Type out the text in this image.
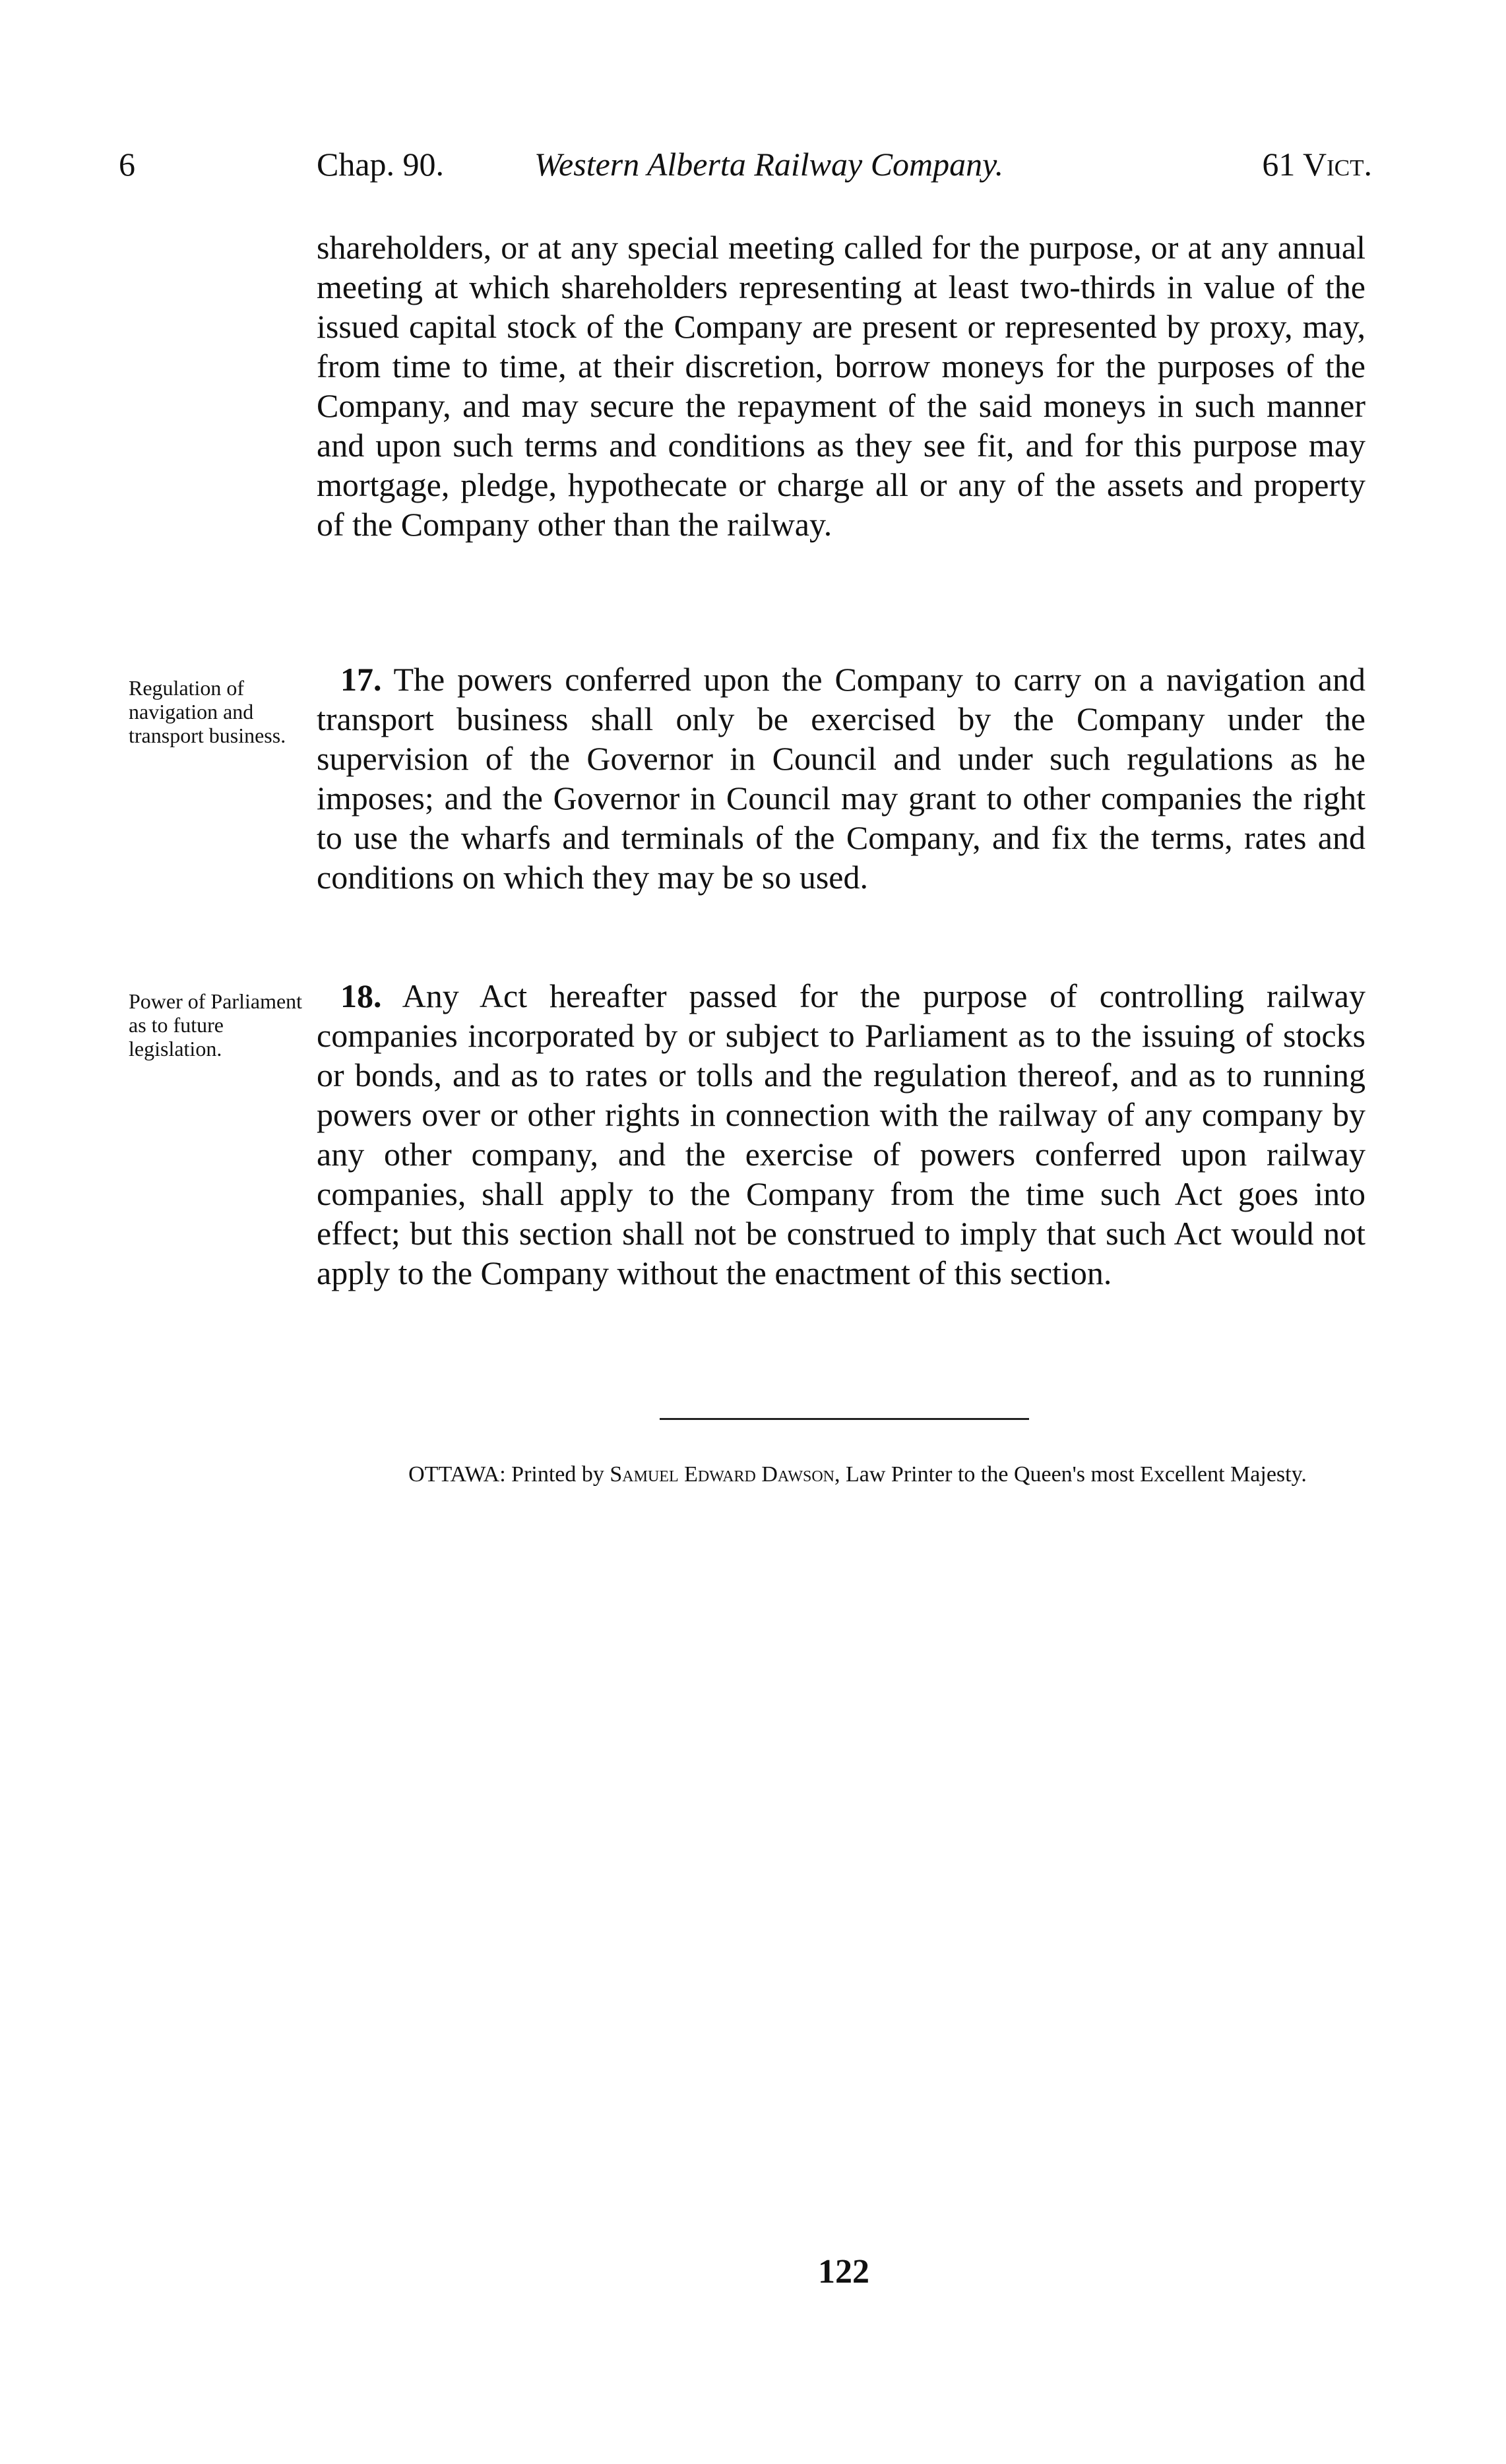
6	Chap. 90.	Western Alberta Railway Company.	61 Vict.

shareholders, or at any special meeting called for the purpose, or at any annual meeting at which shareholders representing at least two-thirds in value of the issued capital stock of the Company are present or represented by proxy, may, from time to time, at their discretion, borrow moneys for the purposes of the Company, and may secure the repayment of the said moneys in such manner and upon such terms and conditions as they see fit, and for this purpose may mortgage, pledge, hypothecate or charge all or any of the assets and property of the Company other than the railway.

Regulation of navigation and transport business.

17. The powers conferred upon the Company to carry on a navigation and transport business shall only be exercised by the Company under the supervision of the Governor in Council and under such regulations as he imposes; and the Governor in Council may grant to other companies the right to use the wharfs and terminals of the Company, and fix the terms, rates and conditions on which they may be so used.

Power of Parliament as to future legislation.

18. Any Act hereafter passed for the purpose of controlling railway companies incorporated by or subject to Parliament as to the issuing of stocks or bonds, and as to rates or tolls and the regulation thereof, and as to running powers over or other rights in connection with the railway of any company by any other company, and the exercise of powers conferred upon railway companies, shall apply to the Company from the time such Act goes into effect; but this section shall not be construed to imply that such Act would not apply to the Company without the enactment of this section.

OTTAWA: Printed by Samuel Edward Dawson, Law Printer to the Queen's most Excellent Majesty.
122
